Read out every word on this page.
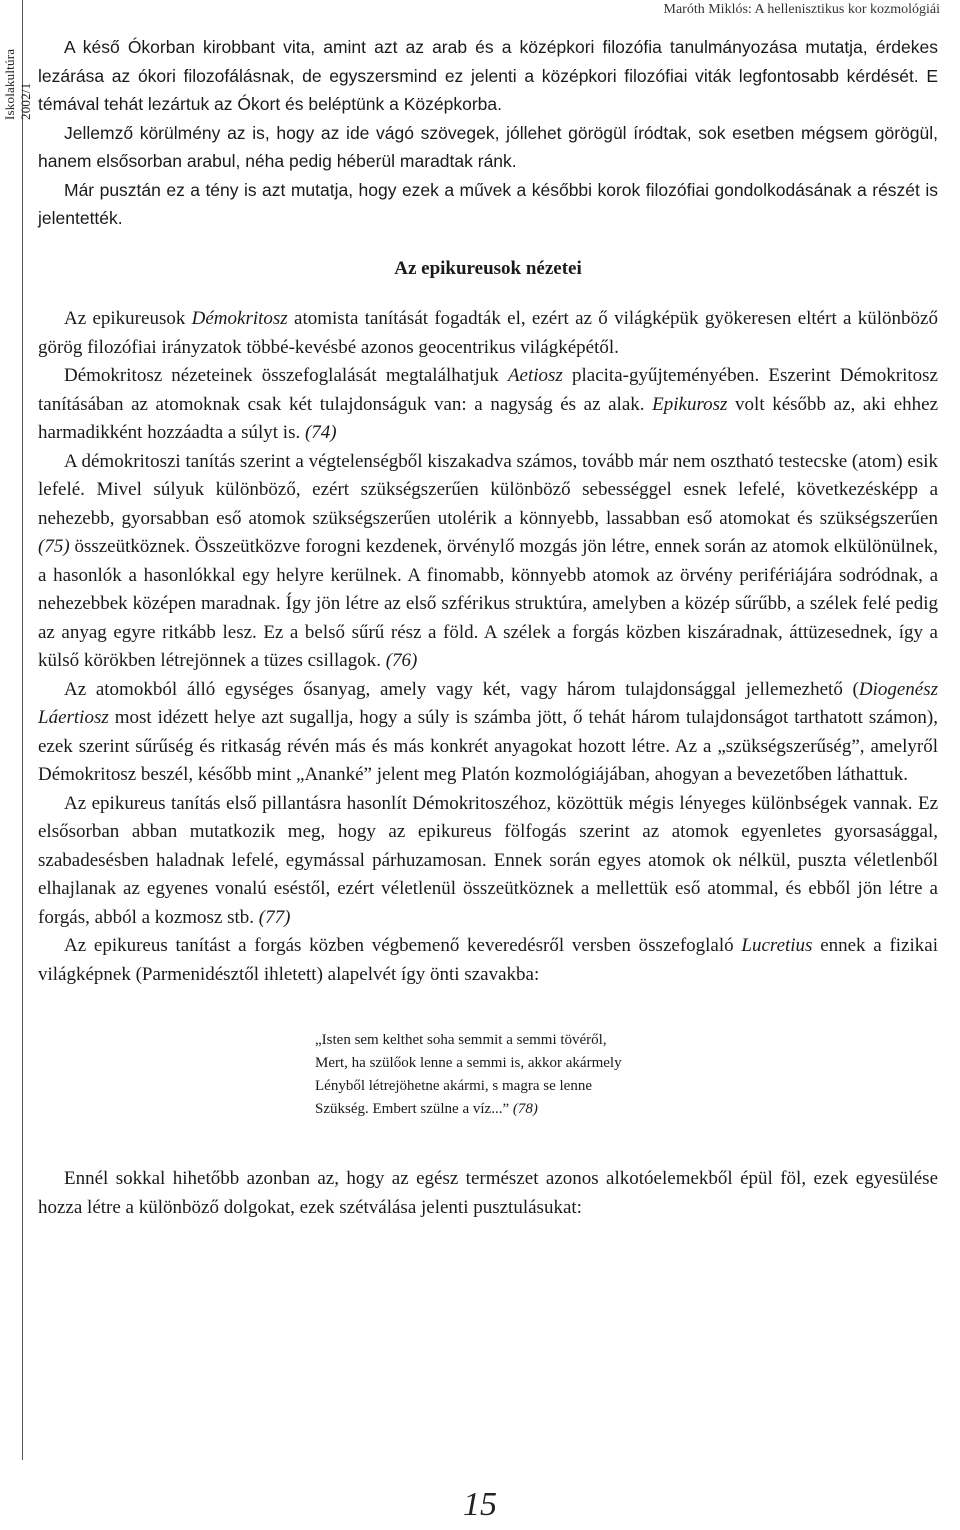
Iskolakultúra 2002/1
Maróth Miklós: A hellenisztikus kor kozmológiái

A késő Ókorban kirobbant vita, amint azt az arab és a középkori filozófia tanulmányozása mutatja, érdekes lezárása az ókori filozofálásnak, de egyszersmind ez jelenti a középkori filozófiai viták legfontosabb kérdését. E témával tehát lezártuk az Ókort és beléptünk a Középkorba.

Jellemző körülmény az is, hogy az ide vágó szövegek, jóllehet görögül íródtak, sok esetben mégsem görögül, hanem elsősorban arabul, néha pedig héberül maradtak ránk.

Már pusztán ez a tény is azt mutatja, hogy ezek a művek a későbbi korok filozófiai gondolkodásának a részét is jelentették.

Az epikureusok nézetei

Az epikureusok Démokritosz atomista tanítását fogadták el, ezért az ő világképük gyökeresen eltért a különböző görög filozófiai irányzatok többé-kevésbé azonos geocentrikus világképétől.

Démokritosz nézeteinek összefoglalását megtalálhatjuk Aetiosz placita-gyűjteményében. Eszerint Démokritosz tanításában az atomoknak csak két tulajdonságuk van: a nagyság és az alak. Epikurosz volt később az, aki ehhez harmadikként hozzáadta a súlyt is. (74)

A démokritoszi tanítás szerint a végtelenségből kiszakadva számos, tovább már nem osztható testecske (atom) esik lefelé. Mivel súlyuk különböző, ezért szükségszerűen különböző sebességgel esnek lefelé, következésképp a nehezebb, gyorsabban eső atomok szükségszerűen utolérik a könnyebb, lassabban eső atomokat és szükségszerűen (75) összeütköznek. Összeütközve forogni kezdenek, örvénylő mozgás jön létre, ennek során az atomok elkülönülnek, a hasonlók a hasonlókkal egy helyre kerülnek. A finomabb, könnyebb atomok az örvény perifériájára sodródnak, a nehezebbek középen maradnak. Így jön létre az első szférikus struktúra, amelyben a közép sűrűbb, a szélek felé pedig az anyag egyre ritkább lesz. Ez a belső sűrű rész a föld. A szélek a forgás közben kiszáradnak, áttüzesednek, így a külső körökben létrejönnek a tüzes csillagok. (76)

Az atomokból álló egységes ősanyag, amely vagy két, vagy három tulajdonsággal jellemezhető (Diogenész Láertiosz most idézett helye azt sugallja, hogy a súly is számba jött, ő tehát három tulajdonságot tarthatott számon), ezek szerint sűrűség és ritkaság révén más és más konkrét anyagokat hozott létre. Az a „szükségszerűség”, amelyről Démokritosz beszél, később mint „Ananké” jelent meg Platón kozmológiájában, ahogyan a bevezetőben láthattuk.

Az epikureus tanítás első pillantásra hasonlít Démokritoszéhoz, közöttük mégis lényeges különbségek vannak. Ez elsősorban abban mutatkozik meg, hogy az epikureus fölfogás szerint az atomok egyenletes gyorsasággal, szabadesésben haladnak lefelé, egymással párhuzamosan. Ennek során egyes atomok ok nélkül, puszta véletlenből elhajlanak az egyenes vonalú eséstől, ezért véletlenül összeütköznek a mellettük eső atommal, és ebből jön létre a forgás, abból a kozmosz stb. (77)

Az epikureus tanítást a forgás közben végbemenő keveredésről versben összefoglaló Lucretius ennek a fizikai világképnek (Parmenidésztől ihletett) alapelvét így önti szavakba:

„Isten sem kelthet soha semmit a semmi tövéről,
Mert, ha szülőok lenne a semmi is, akkor akármely
Lényből létrejöhetne akármi, s magra se lenne
Szükség. Embert szülne a víz...” (78)

Ennél sokkal hihetőbb azonban az, hogy az egész természet azonos alkotóelemekből épül föl, ezek egyesülése hozza létre a különböző dolgokat, ezek szétválása jelenti pusztulásukat:

15
